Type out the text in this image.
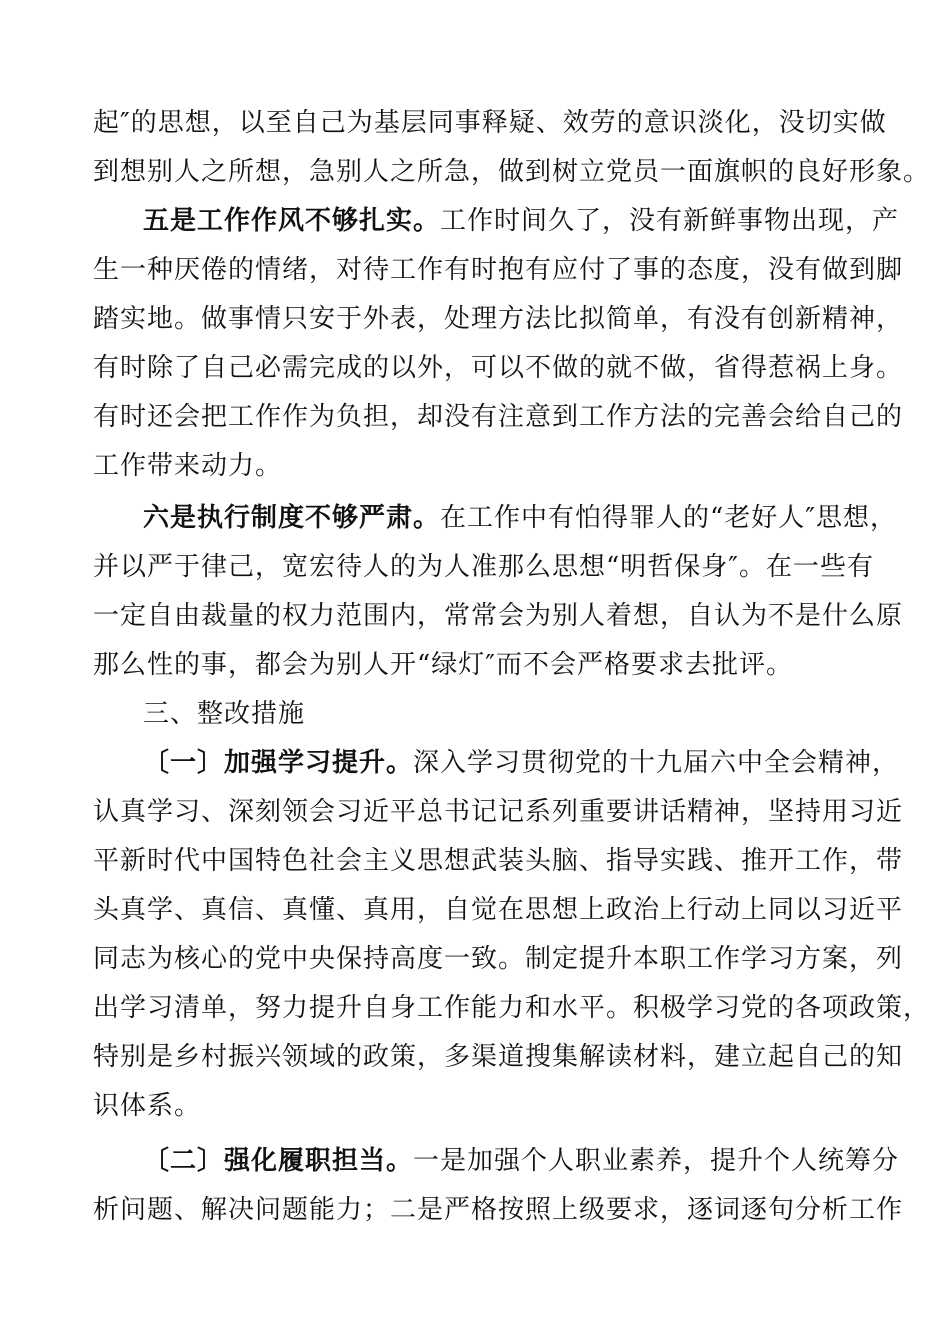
起″的思想，以至自己为基层同事释疑、效劳的意识淡化，没切实做
到想别人之所想，急别人之所急，做到树立党员一面旗帜的良好形象。
五是工作作风不够扎实。工作时间久了，没有新鲜事物出现，产
生一种厌倦的情绪，对待工作有时抱有应付了事的态度，没有做到脚
踏实地。做事情只安于外表，处理方法比拟简单，有没有创新精神，
有时除了自己必需完成的以外，可以不做的就不做，省得惹祸上身。
有时还会把工作作为负担，却没有注意到工作方法的完善会给自己的
工作带来动力。
六是执行制度不够严肃。在工作中有怕得罪人的“老好人″思想，
并以严于律己，宽宏待人的为人准那么思想“明哲保身″。在一些有
一定自由裁量的权力范围内，常常会为别人着想，自认为不是什么原
那么性的事，都会为别人开“绿灯″而不会严格要求去批评。
三、整改措施
〔一〕加强学习提升。深入学习贯彻党的十九届六中全会精神，
认真学习、深刻领会习近平总书记记系列重要讲话精神，坚持用习近
平新时代中国特色社会主义思想武装头脑、指导实践、推开工作，带
头真学、真信、真懂、真用，自觉在思想上政治上行动上同以习近平
同志为核心的党中央保持高度一致。制定提升本职工作学习方案，列
出学习清单，努力提升自身工作能力和水平。积极学习党的各项政策，
特别是乡村振兴领域的政策，多渠道搜集解读材料，建立起自己的知
识体系。
〔二〕强化履职担当。一是加强个人职业素养，提升个人统筹分
析问题、解决问题能力；二是严格按照上级要求，逐词逐句分析工作
